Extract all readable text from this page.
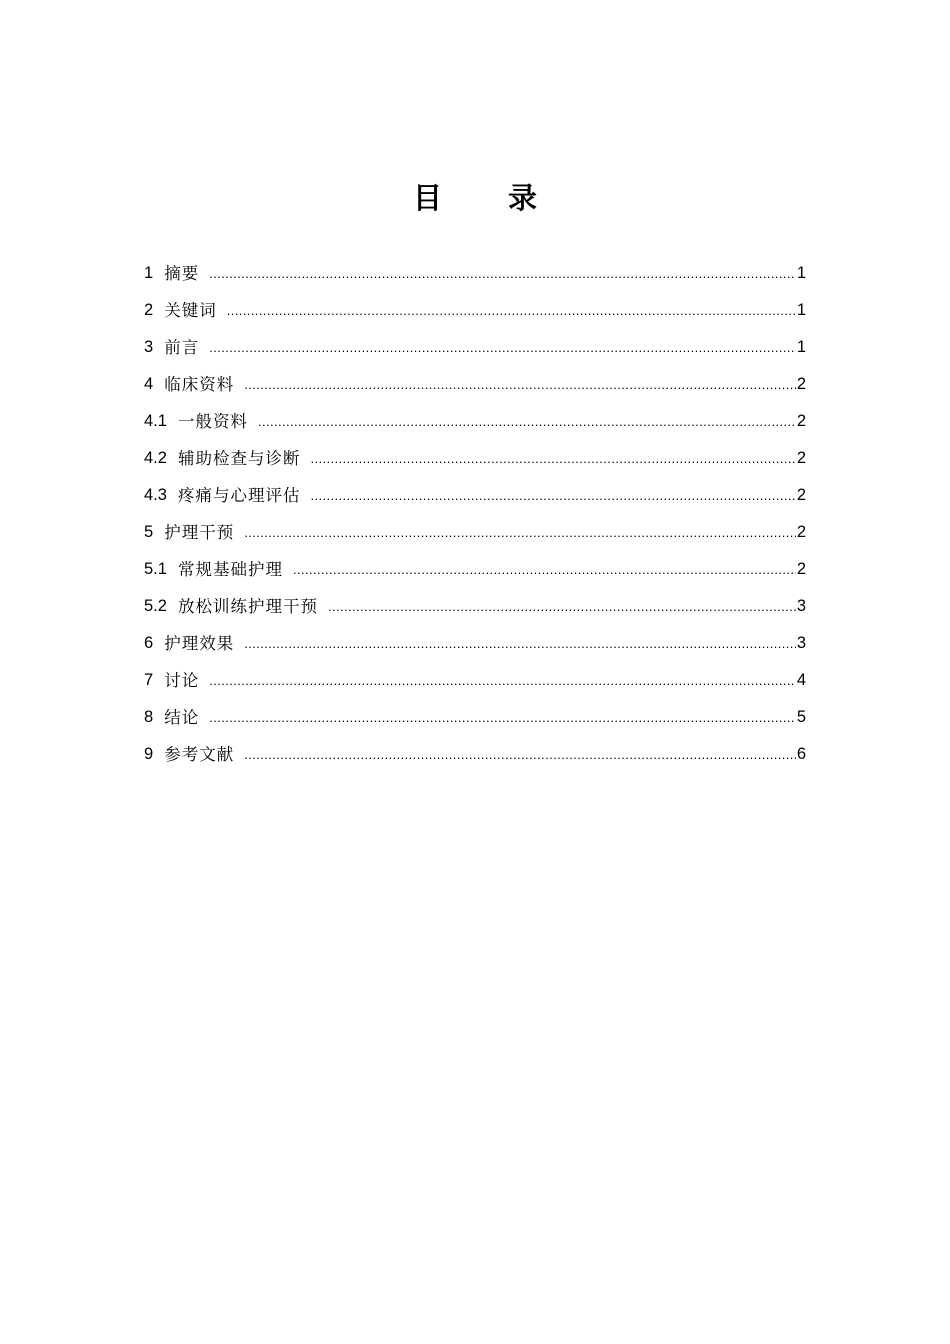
目 录
1 摘要 .....	1
2 关键词 .....	1
3 前言 .....	1
4 临床资料 .....	2
4.1 一般资料 .....	2
4.2 辅助检查与诊断 .....	2
4.3 疼痛与心理评估 .....	2
5 护理干预 .....	2
5.1 常规基础护理 .....	2
5.2 放松训练护理干预 .....	3
6 护理效果 .....	3
7 讨论 .....	4
8 结论 .....	5
9 参考文献 .....	6
